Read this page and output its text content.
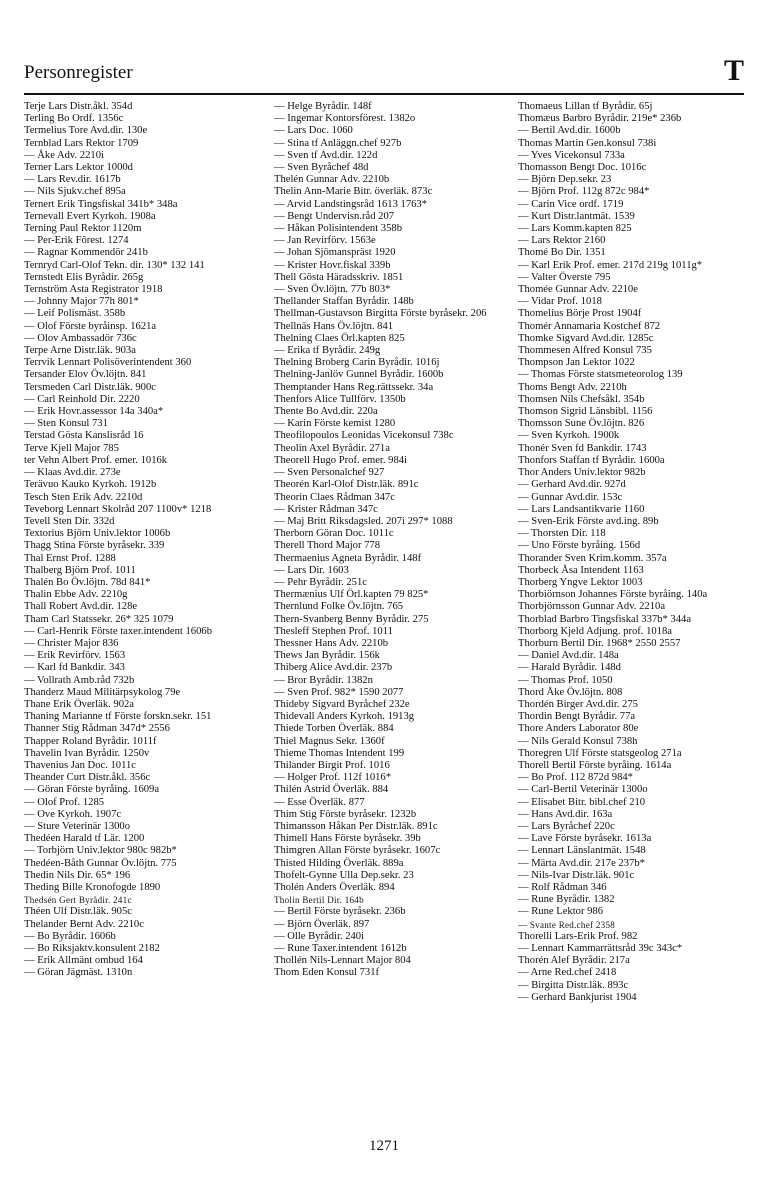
Personregister	T
Terje Lars Distr.åkl. 354d
Terling Bo Ordf. 1356c
Termelius Tore Avd.dir. 130e
Ternblad Lars Rektor 1709
— Åke Adv. 2210i
Terner Lars Lektor 1000d
— Lars Rev.dir. 1617b
— Nils Sjukv.chef 895a
Ternert Erik Tingsfiskal 341b* 348a
Ternevall Evert Kyrkoh. 1908a
Terning Paul Rektor 1120m
— Per-Erik Förest. 1274
— Ragnar Kommendör 241b
Ternryd Carl-Olof Tekn. dir. 130* 132 141
Ternstedt Elis Byrådir. 265g
Ternström Asta Registrator 1918
— Johnny Major 77h 801*
— Leif Polismäst. 358b
— Olof Förste byråinsp. 1621a
— Olov Ambassadör 736c
Terpe Arne Distr.läk. 903a
Terrvik Lennart Polisöverintendent 360
Tersander Elov Öv.löjtn. 841
Tersmeden Carl Distr.läk. 900c
— Carl Reinhold Dir. 2220
— Erik Hovr.assessor 14a 340a*
— Sten Konsul 731
Terstad Gösta Kanslisråd 16
Terve Kjell Major 785
ter Vehn Albert Prof. emer. 1016k
— Klaas Avd.dir. 273e
Terävuo Kauko Kyrkoh. 1912b
Tesch Sten Erik Adv. 2210d
Teveborg Lennart Skolråd 207 1100v* 1218
Tevell Sten Dir. 332d
Textorius Björn Univ.lektor 1006b
Thagg Stina Förste byråsekr. 339
Thal Ernst Prof. 1288
Thalberg Björn Prof. 1011
Thalén Bo Öv.löjtn. 78d 841*
Thalin Ebbe Adv. 2210g
Thall Robert Avd.dir. 128e
Tham Carl Statssekr. 26* 325 1079
— Carl-Henrik Förste taxer.intendent 1606b
— Christer Major 836
— Erik Revirförv. 1563
— Karl fd Bankdir. 343
— Vollrath Amb.råd 732b
Thanderz Maud Militärpsykolog 79e
Thane Erik Överläk. 902a
Thaning Marianne tf Förste forskn.sekr. 151
Thanner Stig Rådman 347d* 2556
Thapper Roland Byrådir. 1011f
Thavelin Ivan Byrådir. 1250v
Thavenius Jan Doc. 1011c
Theander Curt Distr.åkl. 356c
— Göran Förste byråing. 1609a
— Olof Prof. 1285
— Ove Kyrkoh. 1907c
— Sture Veterinär 1300o
Thedéen Harald tf Lär. 1200
— Torbjörn Univ.lektor 980c 982b*
Thedéen-Båth Gunnar Öv.löjtn. 775
Thedin Nils Dir. 65* 196
Theding Bille Kronofogde 1890
Thedsén Gert Byrådir. 241c
Théen Ulf Distr.läk. 905c
Thelander Bernt Adv. 2210c
— Bo Byrådir. 1606b
— Bo Riksjaktv.konsulent 2182
— Erik Allmänt ombud 164
— Göran Jägmäst. 1310n
— Helge Byrådir. 148f
— Ingemar Kontorsförest. 1382o
— Lars Doc. 1060
— Stina tf Anläggn.chef 927b
— Sven tf Avd.dir. 122d
— Sven Byråchef 48d
Thelén Gunnar Adv. 2210b
Thelin Ann-Marie Bitr. överläk. 873c
— Arvid Landstingsråd 1613 1763*
— Bengt Undervisn.råd 207
— Håkan Polisintendent 358b
— Jan Revirförv. 1563e
— Johan Sjömanspräst 1920
— Krister Hovr.fiskal 339b
Thell Gösta Häradsskriv. 1851
— Sven Öv.löjtn. 77b 803*
Thellander Staffan Byrådir. 148b
Thellman-Gustavson Birgitta Förste byråsekr. 206
Thellnäs Hans Öv.löjtn. 841
Thelning Claes Örl.kapten 825
— Erika tf Byrådir. 249g
Thelning Broberg Carin Byrådir. 1016j
Thelning-Janlöv Gunnel Byrådir. 1600b
Themptander Hans Reg.rättssekr. 34a
Thenfors Alice Tullförv. 1350b
Thente Bo Avd.dir. 220a
— Karin Förste kemist 1280
Theofilopoulos Leonidas Vicekonsul 738c
Theolin Axel Byrådir. 271a
Theorell Hugo Prof. emer. 984i
— Sven Personalchef 927
Theorén Karl-Olof Distr.läk. 891c
Theorin Claes Rådman 347c
— Krister Rådman 347c
— Maj Britt Riksdagsled. 207i 297* 1088
Therborn Göran Doc. 1011c
Therell Thord Major 778
Thermaenius Agneta Byrådir. 148f
— Lars Dir. 1603
— Pehr Byrådir. 251c
Thermænius Ulf Örl.kapten 79 825*
Thernlund Folke Öv.löjtn. 765
Thern-Svanberg Benny Byrådir. 275
Thesleff Stephen Prof. 1011
Thessner Hans Adv. 2210b
Thews Jan Byrådir. 156k
Thiberg Alice Avd.dir. 237b
— Bror Byrådir. 1382n
— Sven Prof. 982* 1590 2077
Thideby Sigvard Byråchef 232e
Thidevall Anders Kyrkoh. 1913g
Thiede Torben Överläk. 884
Thiel Magnus Sekr. 1360f
Thieme Thomas Intendent 199
Thilander Birgit Prof. 1016
— Holger Prof. 112f 1016*
Thilén Astrid Överläk. 884
— Esse Överläk. 877
Thim Stig Förste byråsekr. 1232b
Thimansson Håkan Per Distr.läk. 891c
Thimell Hans Förste byråsekr. 39b
Thimgren Allan Förste byråsekr. 1607c
Thisted Hilding Överläk. 889a
Thofelt-Gynne Ulla Dep.sekr. 23
Tholén Anders Överläk. 894
Tholin Bertil Dir. 164b
— Bertil Förste byråsekr. 236b
— Björn Överläk. 897
— Olle Byrådir. 240i
— Rune Taxer.intendent 1612b
Thollén Nils-Lennart Major 804
Thom Eden Konsul 731f
Thomaeus Lillan tf Byrådir. 65j
Thomæus Barbro Byrådir. 219e* 236b
— Bertil Avd.dir. 1600b
Thomas Martin Gen.konsul 738i
— Yves Vicekonsul 733a
Thomasson Bengt Doc. 1016c
— Björn Dep.sekr. 23
— Björn Prof. 112g 872c 984*
— Carin Vice ordf. 1719
— Kurt Distr.lantmät. 1539
— Lars Komm.kapten 825
— Lars Rektor 2160
Thomé Bo Dir. 1351
— Karl Erik Prof. emer. 217d 219g 1011g*
— Valter Överste 795
Thomée Gunnar Adv. 2210e
— Vidar Prof. 1018
Thomelius Börje Prost 1904f
Thomér Annamaria Kostchef 872
Thomke Sigvard Avd.dir. 1285c
Thommesen Alfred Konsul 735
Thompson Jan Lektor 1022
— Thomas Förste statsmeteorolog 139
Thoms Bengt Adv. 2210h
Thomsen Nils Chefsåkl. 354b
Thomson Sigrid Länsbibl. 1156
Thomsson Sune Öv.löjtn. 826
— Sven Kyrkoh. 1900k
Thonér Sven fd Bankdir. 1743
Thonfors Staffan tf Byrådir. 1600a
Thor Anders Univ.lektor 982b
— Gerhard Avd.dir. 927d
— Gunnar Avd.dir. 153c
— Lars Landsantikvarie 1160
— Sven-Erik Förste avd.ing. 89b
— Thorsten Dir. 118
— Uno Förste byråing. 156d
Thorander Sven Krim.komm. 357a
Thorbeck Åsa Intendent 1163
Thorberg Yngve Lektor 1003
Thorbiörnson Johannes Förste byråing. 140a
Thorbjörnsson Gunnar Adv. 2210a
Thorblad Barbro Tingsfiskal 337b* 344a
Thorborg Kjeld Adjung. prof. 1018a
Thorburn Bertil Dir. 1968* 2550 2557
— Daniel Avd.dir. 148a
— Harald Byrådir. 148d
— Thomas Prof. 1050
Thord Åke Öv.löjtn. 808
Thordén Birger Avd.dir. 275
Thordin Bengt Byrådir. 77a
Thore Anders Laborator 80e
— Nils Gerald Konsul 738h
Thoregren Ulf Förste statsgeolog 271a
Thorell Bertil Förste byråing. 1614a
— Bo Prof. 112 872d 984*
— Carl-Bertil Veterinär 1300o
— Elisabet Bitr. bibl.chef 210
— Hans Avd.dir. 163a
— Lars Byråchef 220c
— Lave Förste byråsekr. 1613a
— Lennart Länslantmät. 1548
— Märta Avd.dir. 217e 237b*
— Nils-Ivar Distr.läk. 901c
— Rolf Rådman 346
— Rune Byrådir. 1382
— Rune Lektor 986
— Svante Red.chef 2358
Thorelli Lars-Erik Prof. 982
— Lennart Kammarrättsråd 39c 343c*
Thorén Alef Byrådir. 217a
— Arne Red.chef 2418
— Birgitta Distr.läk. 893c
— Gerhard Bankjurist 1904
1271
